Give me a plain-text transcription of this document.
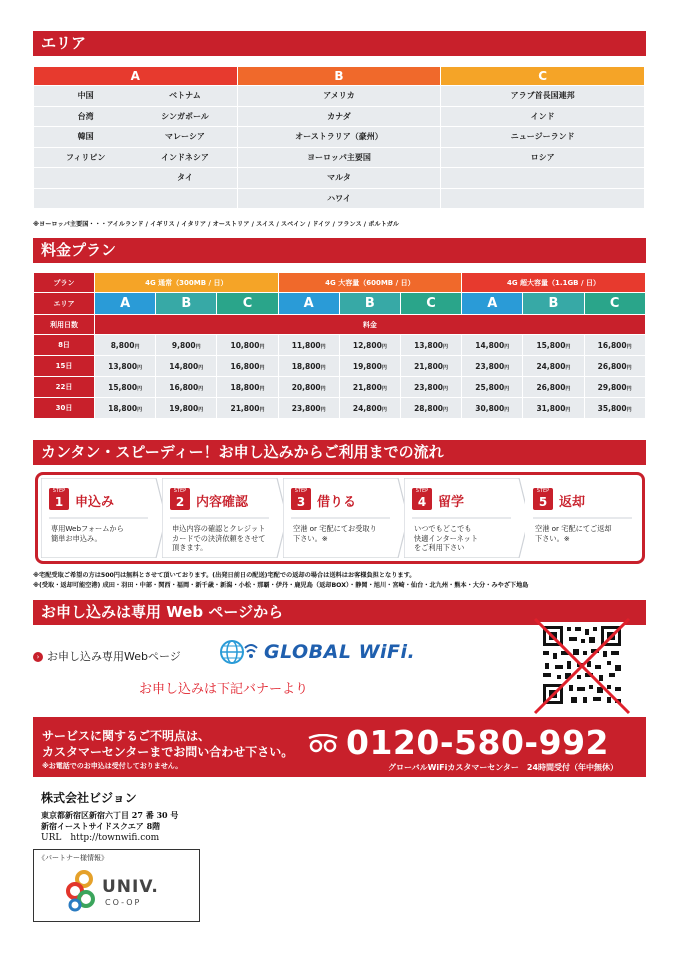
エリア
A	B	C
中国 ベトナム	アメリカ	アラブ首長国連邦
台湾 シンガポール	カナダ	インド
韓国 マレーシア	オーストラリア（豪州）	ニュージーランド
フィリピン インドネシア	ヨーロッパ主要国	ロシア
タイ	マルタ	
	ハワイ	
※ヨーロッパ主要国・・・アイルランド / イギリス / イタリア / オーストリア / スイス / スペイン / ドイツ / フランス / ポルトガル
料金プラン
プラン	4G 通常（300MB / 日）			4G 大容量（600MB / 日）			4G 超大容量（1.1GB / 日）		
エリア	A	B	C	A	B	C	A	B	C
利用日数	料金								
8日	8,800円	9,800円	10,800円	11,800円	12,800円	13,800円	14,800円	15,800円	16,800円
15日	13,800円	14,800円	16,800円	18,800円	19,800円	21,800円	23,800円	24,800円	26,800円
22日	15,800円	16,800円	18,800円	20,800円	21,800円	23,800円	25,800円	26,800円	29,800円
30日	18,800円	19,800円	21,800円	23,800円	24,800円	28,800円	30,800円	31,800円	35,800円
カンタン・スピーディー！お申し込みからご利用までの流れ
STEP
1 申込み
専用Webフォームから
簡単お申込み。
STEP
2 内容確認
申込内容の確認とクレジット
カードでの決済依頼をさせて
頂きます。
STEP
3 借りる
空港 or 宅配にてお受取り
下さい。※
STEP
4 留学
いつでもどこでも
快適インターネット
をご利用下さい
STEP
5 返却
空港 or 宅配にてご返却
下さい。※
※宅配受取ご希望の方は500円は無料とさせて頂いております。(出発日前日の配送)宅配での返却の場合は送料はお客様負担となります。
※(受取・返却可能空港) 成田・羽田・中部・関西・福岡・新千歳・新潟・小松・那覇・伊丹・鹿児島（返却BOX）・静岡・旭川・宮崎・仙台・北九州・熊本・大分・みやざ下地島
お申し込みは専用 Web ページから
› お申し込み専用Webページ	GLOBAL WiFi.
お申し込みは下記バナーより
サービスに関するご不明点は、
カスタマーセンターまでお問い合わせ下さい。
※お電話でのお申込は受付しておりません。
0120-580-992
グローバルWiFiカスタマーセンター　24時間受付（年中無休）
株式会社ビジョン
東京都新宿区新宿六丁目 27 番 30 号
新宿イーストサイドスクエア 8階
URL　http://townwifi.com
《パートナー様情報》
UNIV.
CO-OP
